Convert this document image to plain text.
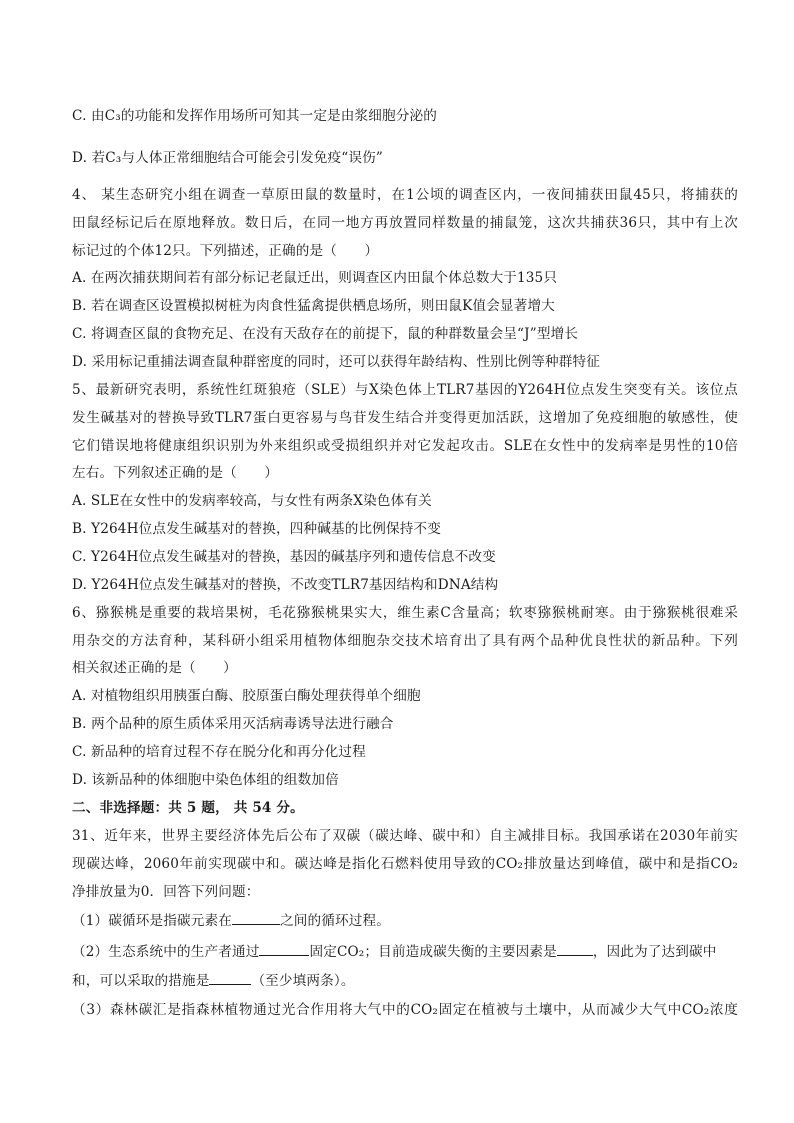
C. 由C₃的功能和发挥作用场所可知其一定是由浆细胞分泌的
D. 若C₃与人体正常细胞结合可能会引发免疫“误伤”
4、 某生态研究小组在调查一草原田鼠的数量时，在1公顷的调查区内，一夜间捕获田鼠45只，将捕获的
田鼠经标记后在原地释放。数日后，在同一地方再放置同样数量的捕鼠笼，这次共捕获36只，其中有上次
标记过的个体12只。下列描述，正确的是（　　）
A. 在两次捕获期间若有部分标记老鼠迁出，则调查区内田鼠个体总数大于135只
B. 若在调查区设置模拟树桩为肉食性猛禽提供栖息场所，则田鼠K值会显著增大
C. 将调查区鼠的食物充足、在没有天敌存在的前提下，鼠的种群数量会呈“J”型增长
D. 采用标记重捕法调查鼠种群密度的同时，还可以获得年龄结构、性别比例等种群特征
5、最新研究表明，系统性红斑狼疮（SLE）与X染色体上TLR7基因的Y264H位点发生突变有关。该位点
发生碱基对的替换导致TLR7蛋白更容易与鸟苷发生结合并变得更加活跃，这增加了免疫细胞的敏感性，使
它们错误地将健康组织识别为外来组织或受损组织并对它发起攻击。SLE在女性中的发病率是男性的10倍
左右。下列叙述正确的是（　　）
A. SLE在女性中的发病率较高，与女性有两条X染色体有关
B. Y264H位点发生碱基对的替换，四种碱基的比例保持不变
C. Y264H位点发生碱基对的替换，基因的碱基序列和遗传信息不改变
D. Y264H位点发生碱基对的替换，不改变TLR7基因结构和DNA结构
6、猕猴桃是重要的栽培果树，毛花猕猴桃果实大，维生素C含量高；软枣猕猴桃耐寒。由于猕猴桃很难采
用杂交的方法育种，某科研小组采用植物体细胞杂交技术培育出了具有两个品种优良性状的新品种。下列
相关叙述正确的是（　　）
A. 对植物组织用胰蛋白酶、胶原蛋白酶处理获得单个细胞
B. 两个品种的原生质体采用灭活病毒诱导法进行融合
C. 新品种的培育过程不存在脱分化和再分化过程
D. 该新品种的体细胞中染色体组的组数加倍
二、非选择题：共 5 题， 共 54 分。
31、近年来，世界主要经济体先后公布了双碳（碳达峰、碳中和）自主减排目标。我国承诺在2030年前实
现碳达峰，2060年前实现碳中和。碳达峰是指化石燃料使用导致的CO₂排放量达到峰值，碳中和是指CO₂
净排放量为0．回答下列问题：
（1）碳循环是指碳元素在	之间的循环过程。
（2）生态系统中的生产者通过	固定CO₂；目前造成碳失衡的主要因素是	，因此为了达到碳中
和，可以采取的措施是	（至少填两条）。
（3）森林碳汇是指森林植物通过光合作用将大气中的CO₂固定在植被与土壤中，从而减少大气中CO₂浓度
